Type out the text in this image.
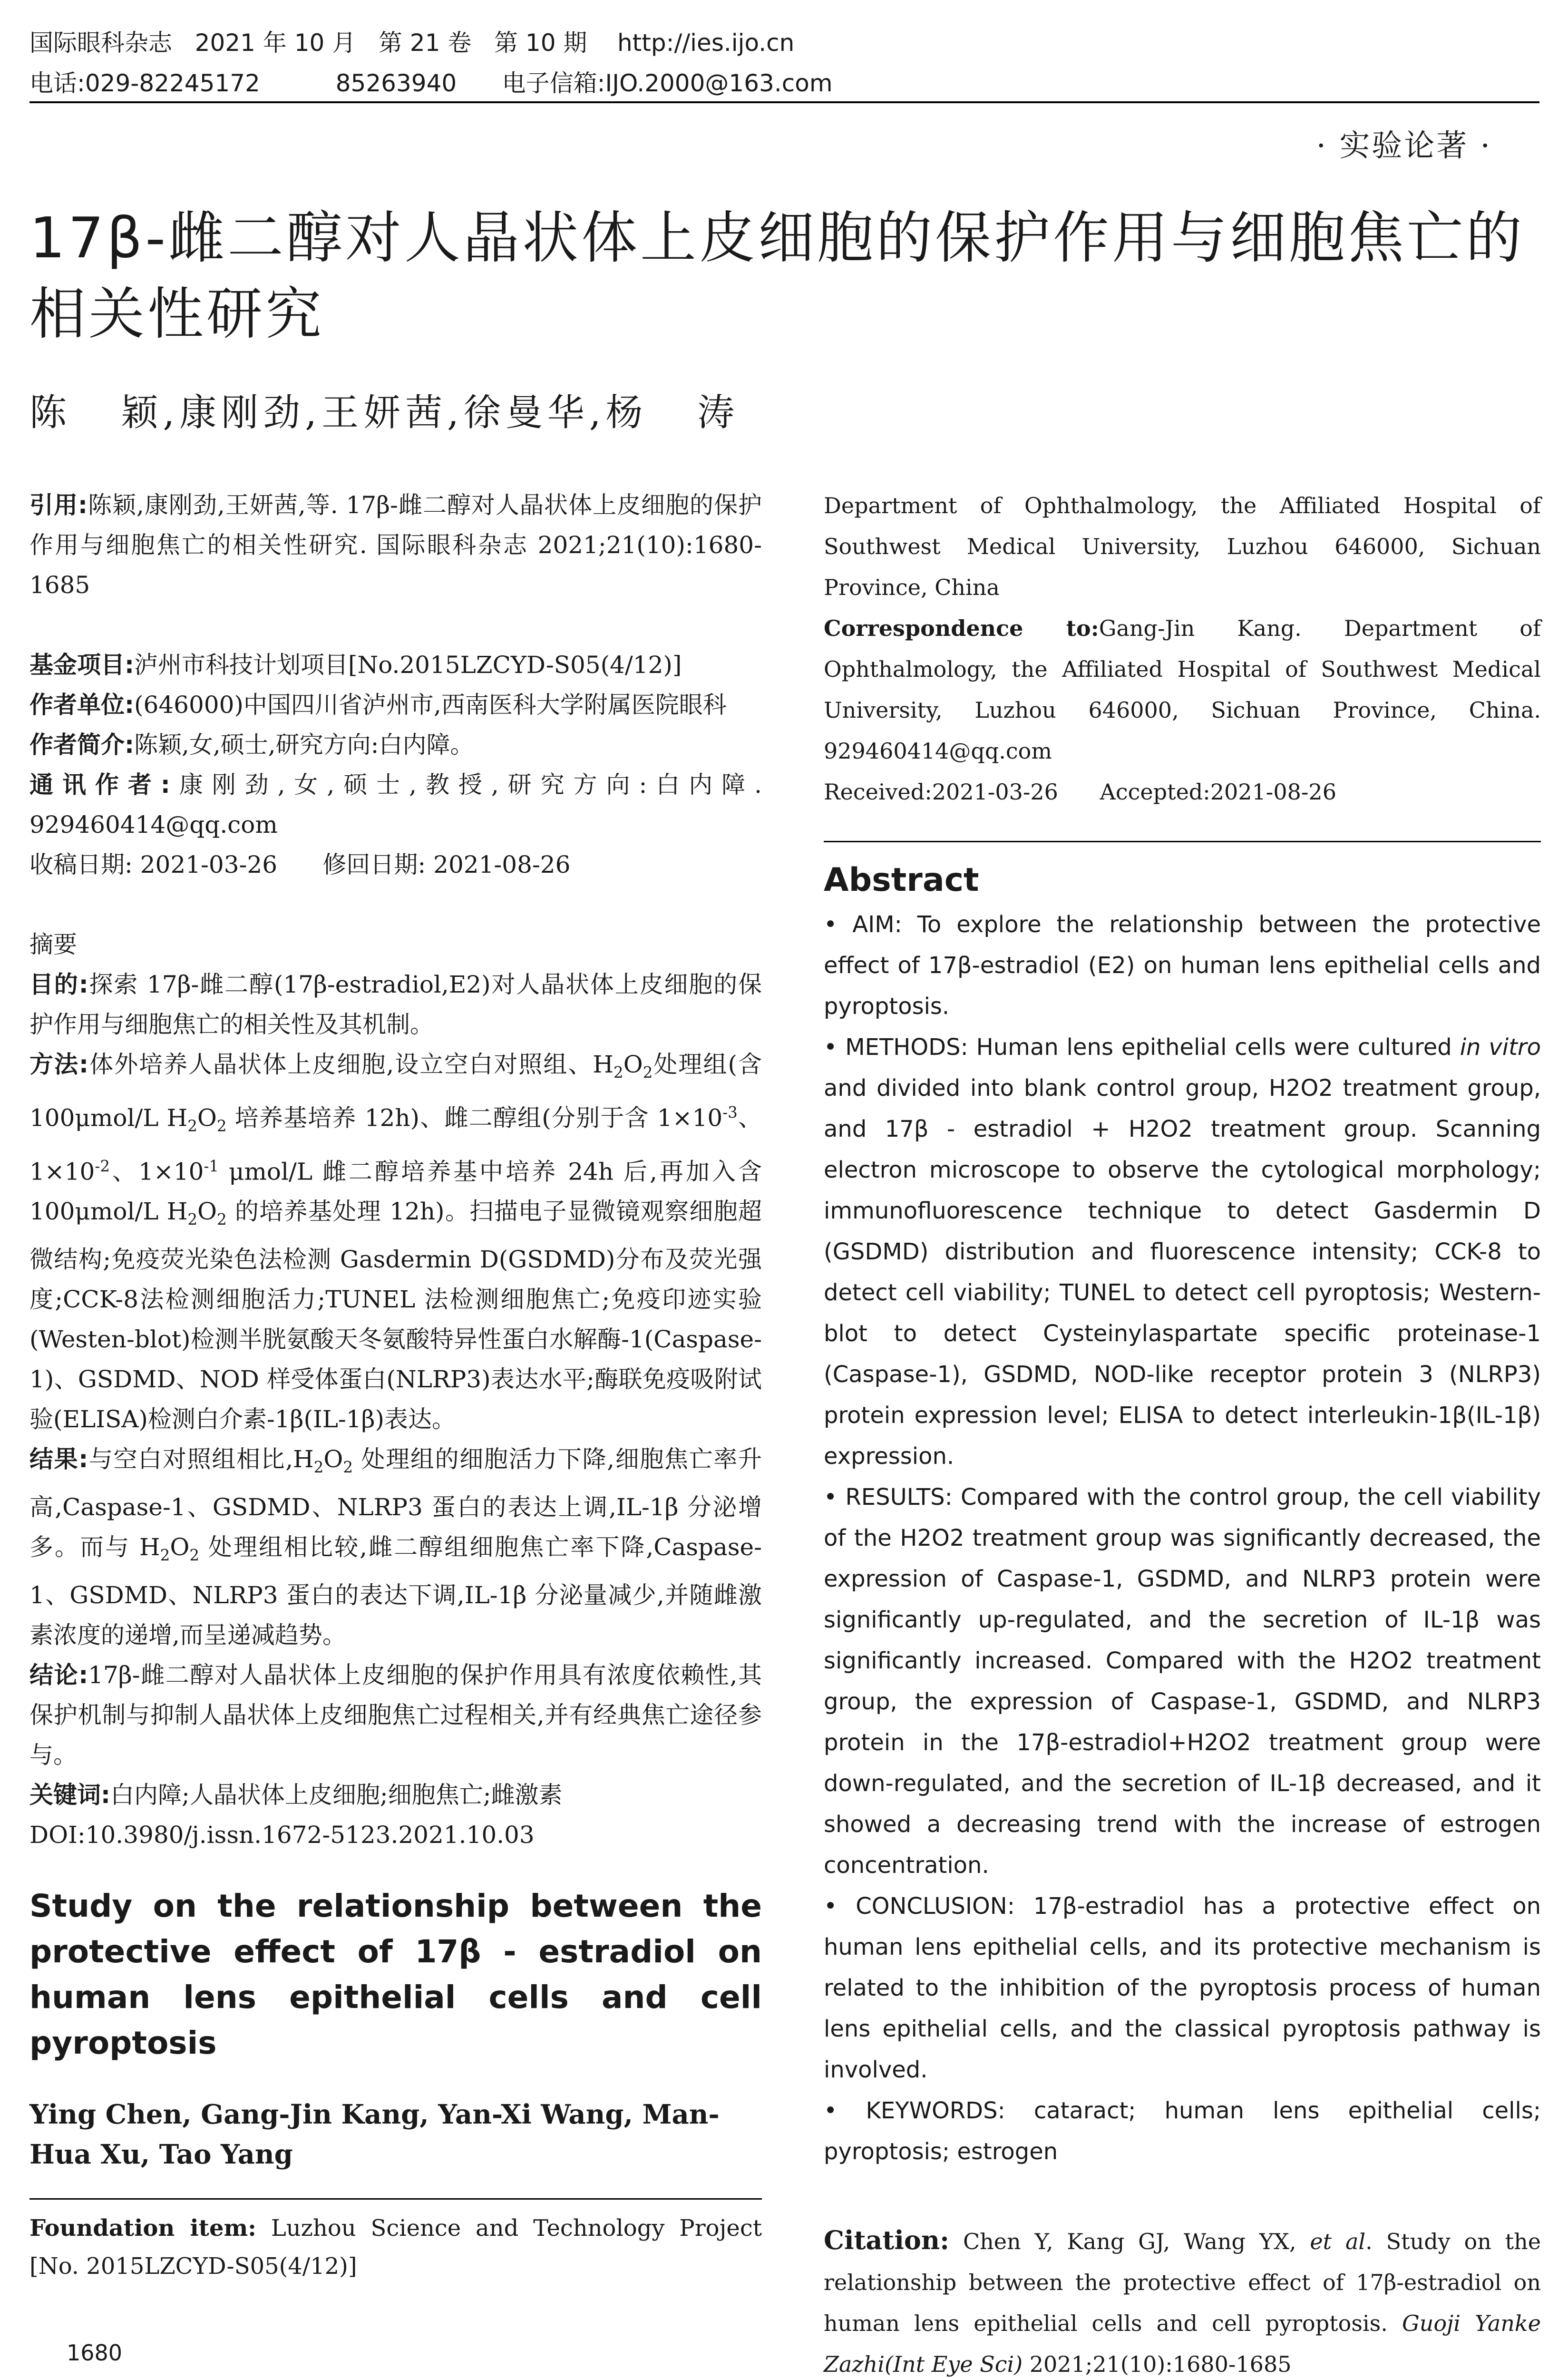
国际眼科杂志   2021 年 10 月   第 21 卷   第 10 期    http://ies.ijo.cn
电话:029-82245172          85263940      电子信箱:IJO.2000@163.com
· 实验论著 ·
17β-雌二醇对人晶状体上皮细胞的保护作用与细胞焦亡的相关性研究
陈   颖,康刚劲,王妍茜,徐曼华,杨   涛

引用:陈颖,康刚劲,王妍茜,等. 17β-雌二醇对人晶状体上皮细胞的保护作用与细胞焦亡的相关性研究. 国际眼科杂志 2021;21(10):1680-1685

基金项目:泸州市科技计划项目[No.2015LZCYD-S05(4/12)]

作者单位:(646000)中国四川省泸州市,西南医科大学附属医院眼科

作者简介:陈颖,女,硕士,研究方向:白内障。

通讯作者:康刚劲,女,硕士,教授,研究方向:白内障. 929460414@qq.com

收稿日期: 2021-03-26 修回日期: 2021-08-26

摘要

目的:探索 17β-雌二醇(17β-estradiol,E2)对人晶状体上皮细胞的保护作用与细胞焦亡的相关性及其机制。

方法:体外培养人晶状体上皮细胞,设立空白对照组、$H_2O_2$处理组(含 100μmol/L $H_2O_2$ 培养基培养 12h)、雌二醇组(分别于含 $1\times 10^{-3}$、$1\times 10^{-2}$、$1\times 10^{-1}$ μmol/L 雌二醇培养基中培养 24h 后,再加入含 100μmol/L $H_2O_2$ 的培养基处理 12h)。扫描电子显微镜观察细胞超微结构;免疫荧光染色法检测 Gasdermin D(GSDMD)分布及荧光强度;CCK-8法检测细胞活力;TUNEL 法检测细胞焦亡;免疫印迹实验(Westen-blot)检测半胱氨酸天冬氨酸特异性蛋白水解酶-1(Caspase-1)、GSDMD、NOD 样受体蛋白(NLRP3)表达水平;酶联免疫吸附试验(ELISA)检测白介素-1β(IL-1β)表达。

结果:与空白对照组相比$,H_2O_2$ 处理组的细胞活力下降,细胞焦亡率升高,Caspase-1、GSDMD、NLRP3 蛋白的表达上调,IL-1β 分泌增多。而与 $H_2O_2$ 处理组相比较,雌二醇组细胞焦亡率下降,Caspase-1、GSDMD、NLRP3 蛋白的表达下调,IL-1β 分泌量减少,并随雌激素浓度的递增,而呈递减趋势。

结论:17β-雌二醇对人晶状体上皮细胞的保护作用具有浓度依赖性,其保护机制与抑制人晶状体上皮细胞焦亡过程相关,并有经典焦亡途径参与。

关键词:白内障;人晶状体上皮细胞;细胞焦亡;雌激素

DOI:10.3980/j.issn.1672-5123.2021.10.03

Study on the relationship between the protective effect of 17β - estradiol on human lens epithelial cells and cell pyroptosis

Ying Chen, Gang-Jin Kang, Yan-Xi Wang, Man-Hua Xu, Tao Yang

Foundation item: Luzhou Science and Technology Project [No. 2015LZCYD-S05(4/12)]

Department of Ophthalmology, the Affiliated Hospital of Southwest Medical University, Luzhou 646000, Sichuan Province, China

Correspondence to:Gang-Jin Kang. Department of Ophthalmology, the Affiliated Hospital of Southwest Medical University, Luzhou 646000, Sichuan Province, China. 929460414@qq.com

Received:2021-03-26 Accepted:2021-08-26

Abstract

• AIM: To explore the relationship between the protective effect of 17β-estradiol (E2) on human lens epithelial cells and pyroptosis.

• METHODS: Human lens epithelial cells were cultured in vitro and divided into blank control group, H2O2 treatment group, and 17β - estradiol + H2O2 treatment group. Scanning electron microscope to observe the cytological morphology; immunofluorescence technique to detect Gasdermin D (GSDMD) distribution and fluorescence intensity; CCK-8 to detect cell viability; TUNEL to detect cell pyroptosis; Western-blot to detect Cysteinylaspartate specific proteinase-1 (Caspase-1), GSDMD, NOD-like receptor protein 3 (NLRP3) protein expression level; ELISA to detect interleukin-1β(IL-1β) expression.

• RESULTS: Compared with the control group, the cell viability of the H2O2 treatment group was significantly decreased, the expression of Caspase-1, GSDMD, and NLRP3 protein were significantly up-regulated, and the secretion of IL-1β was significantly increased. Compared with the H2O2 treatment group, the expression of Caspase-1, GSDMD, and NLRP3 protein in the 17β-estradiol+H2O2 treatment group were down-regulated, and the secretion of IL-1β decreased, and it showed a decreasing trend with the increase of estrogen concentration.

• CONCLUSION: 17β-estradiol has a protective effect on human lens epithelial cells, and its protective mechanism is related to the inhibition of the pyroptosis process of human lens epithelial cells, and the classical pyroptosis pathway is involved.

• KEYWORDS: cataract; human lens epithelial cells; pyroptosis; estrogen

Citation: Chen Y, Kang GJ, Wang YX, et al. Study on the relationship between the protective effect of 17β-estradiol on human lens epithelial cells and cell pyroptosis. Guoji Yanke Zazhi(Int Eye Sci) 2021;21(10):1680-1685

1680
